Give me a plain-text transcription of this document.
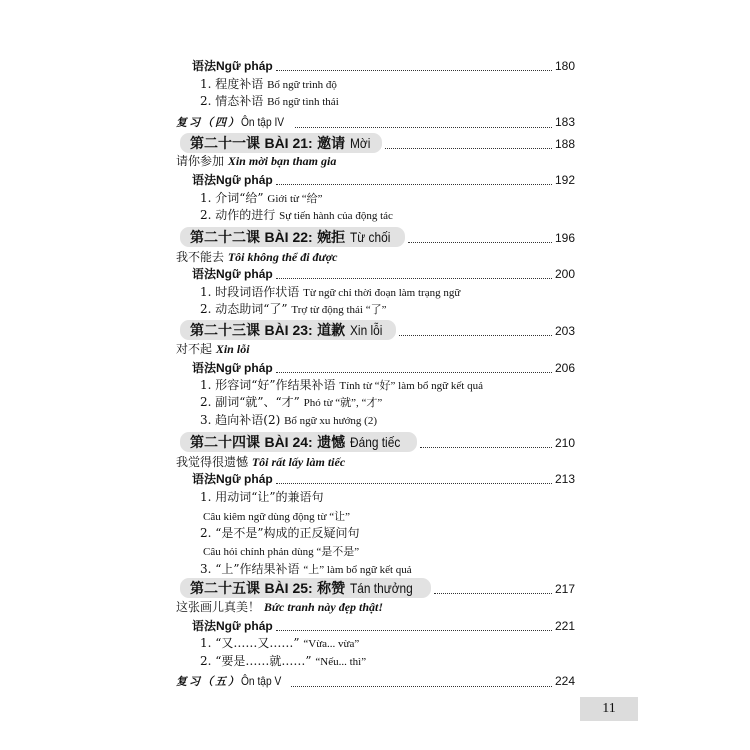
语法 Ngữ pháp	180
1. 程度补语 Bổ ngữ trình độ
2. 情态补语 Bổ ngữ tình thái
复习（四） Ôn tập IV	183
第二十一课 BÀI 21: 邀请 Mời	188
请你参加 Xin mời bạn tham gia
语法 Ngữ pháp	192
1. 介词“给” Giới từ “给”
2. 动作的进行 Sự tiến hành của động tác
第二十二课 BÀI 22: 婉拒 Từ chối	196
我不能去 Tôi không thể đi được
语法 Ngữ pháp	200
1. 时段词语作状语 Từ ngữ chỉ thời đoạn làm trạng ngữ
2. 动态助词“了” Trợ từ động thái “了”
第二十三课 BÀI 23: 道歉 Xin lỗi	203
对不起 Xin lỗi
语法 Ngữ pháp	206
1. 形容词“好”作结果补语 Tính từ “好” làm bổ ngữ kết quả
2. 副词“就”、“才” Phó từ “就”, “才”
3. 趋向补语(2) Bổ ngữ xu hướng (2)
第二十四课 BÀI 24: 遗憾 Đáng tiếc	210
我觉得很遗憾 Tôi rất lấy làm tiếc
语法 Ngữ pháp	213
1. 用动词“让”的兼语句
Câu kiêm ngữ dùng động từ “让”
2. “是不是”构成的正反疑问句
Câu hỏi chính phản dùng “是不是”
3. “上”作结果补语 “上” làm bổ ngữ kết quả
第二十五课 BÀI 25: 称赞 Tán thưởng	217
这张画儿真美！ Bức tranh này đẹp thật!
语法 Ngữ pháp	221
1. “又……又……” “Vừa... vừa”
2. “要是……就……” “Nếu... thì”
复习（五） Ôn tập V	224
11
